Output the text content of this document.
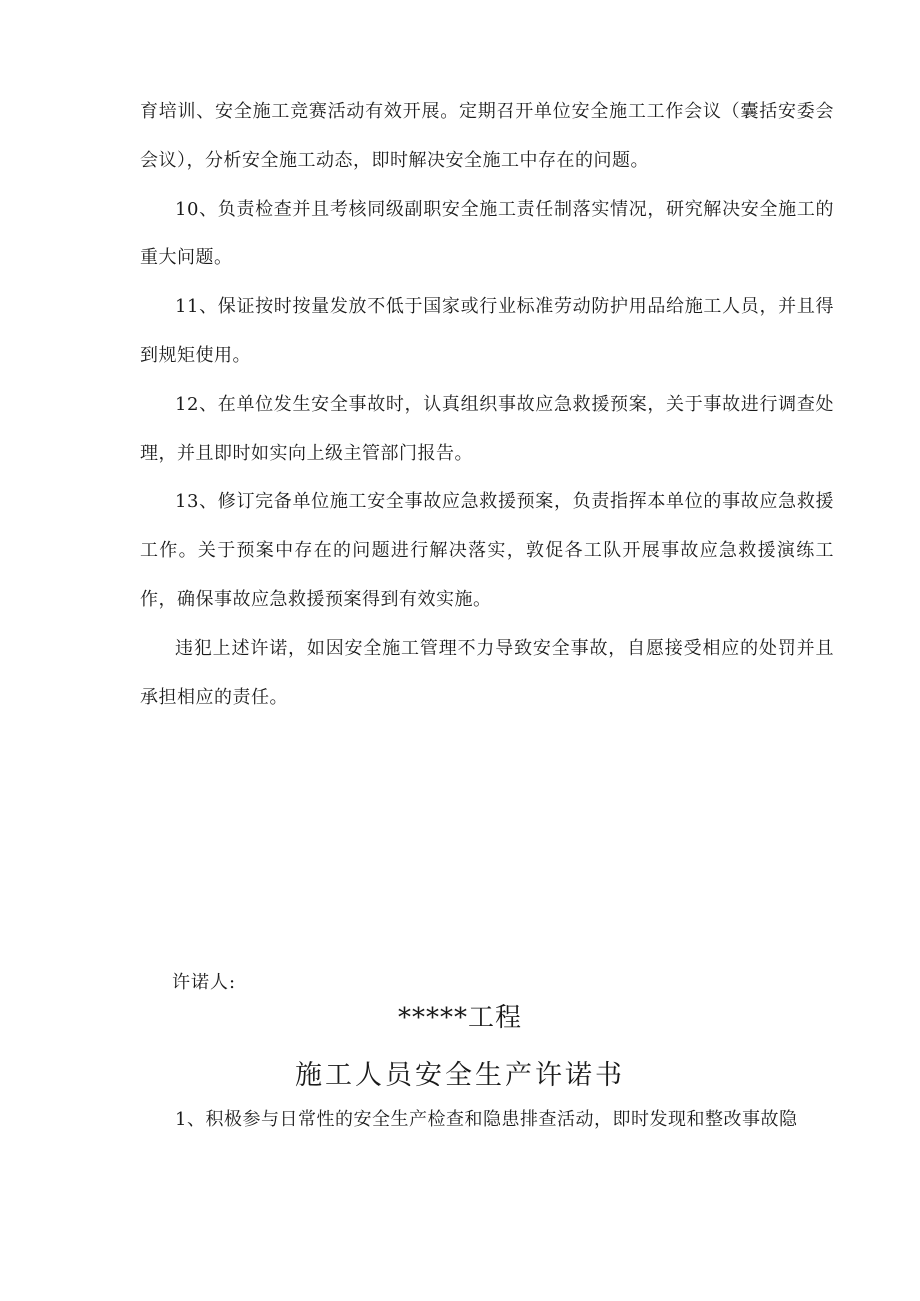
育培训、安全施工竞赛活动有效开展。定期召开单位安全施工工作会议（囊括安委会会议），分析安全施工动态，即时解决安全施工中存在的问题。

10、负责检查并且考核同级副职安全施工责任制落实情况，研究解决安全施工的重大问题。

11、保证按时按量发放不低于国家或行业标准劳动防护用品给施工人员，并且得到规矩使用。

12、在单位发生安全事故时，认真组织事故应急救援预案，关于事故进行调查处理，并且即时如实向上级主管部门报告。

13、修订完备单位施工安全事故应急救援预案，负责指挥本单位的事故应急救援工作。关于预案中存在的问题进行解决落实，敦促各工队开展事故应急救援演练工作，确保事故应急救援预案得到有效实施。

违犯上述许诺，如因安全施工管理不力导致安全事故，自愿接受相应的处罚并且承担相应的责任。

许诺人:
*****工程
施工人员安全生产许诺书
1、积极参与日常性的安全生产检查和隐患排查活动，即时发现和整改事故隐
